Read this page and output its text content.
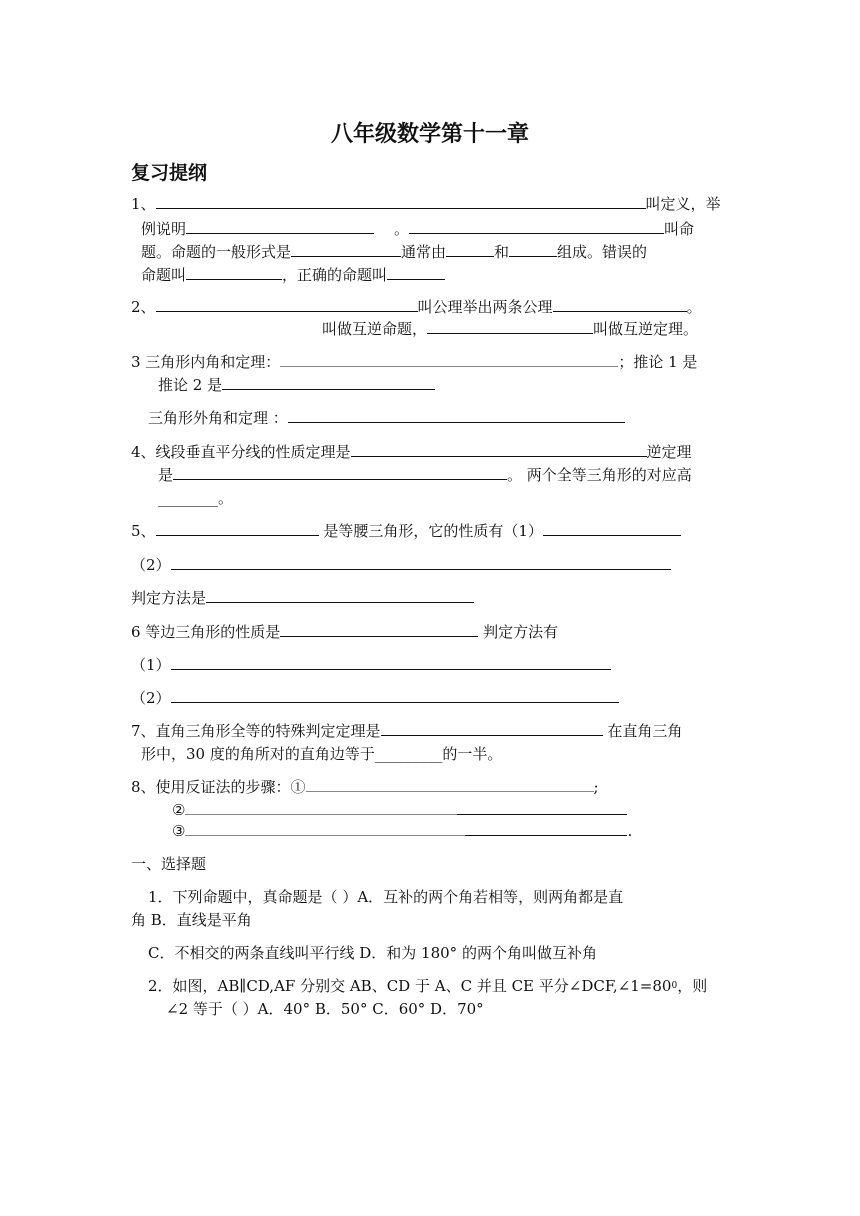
八年级数学第十一章
复习提纲
1、	叫定义，举
例说明	。	叫命
题。命题的一般形式是	通常由	和	组成。错误的
命题叫	，正确的命题叫
2、	叫公理举出两条公理	。
叫做互逆命题，	叫做互逆定理。
3 三角形内角和定理：	；推论 1 是
推论 2 是
三角形外角和定理 ：
4、线段垂直平分线的性质定理是	逆定理
是	。 两个全等三角形的对应高
________。
5、	是等腰三角形，它的性质有（1）
（2）
判定方法是
6 等边三角形的性质是	判定方法有
（1）
（2）
7、直角三角形全等的特殊判定定理是	在直角三角
形中，30 度的角所对的直角边等于_________的一半。
8、使用反证法的步骤：①	;
②
③	.
一、选择题
1．下列命题中，真命题是（ ）A．互补的两个角若相等，则两角都是直
角 B．直线是平角
C．不相交的两条直线叫平行线 D．和为 180° 的两个角叫做互补角
2．如图，AB∥CD,AF 分别交 AB、CD 于 A、C 并且 CE 平分$\angle DCF,\angle 1=80^0$，则
∠2 等于（ ）A．40° B．50° C．60° D．70°
